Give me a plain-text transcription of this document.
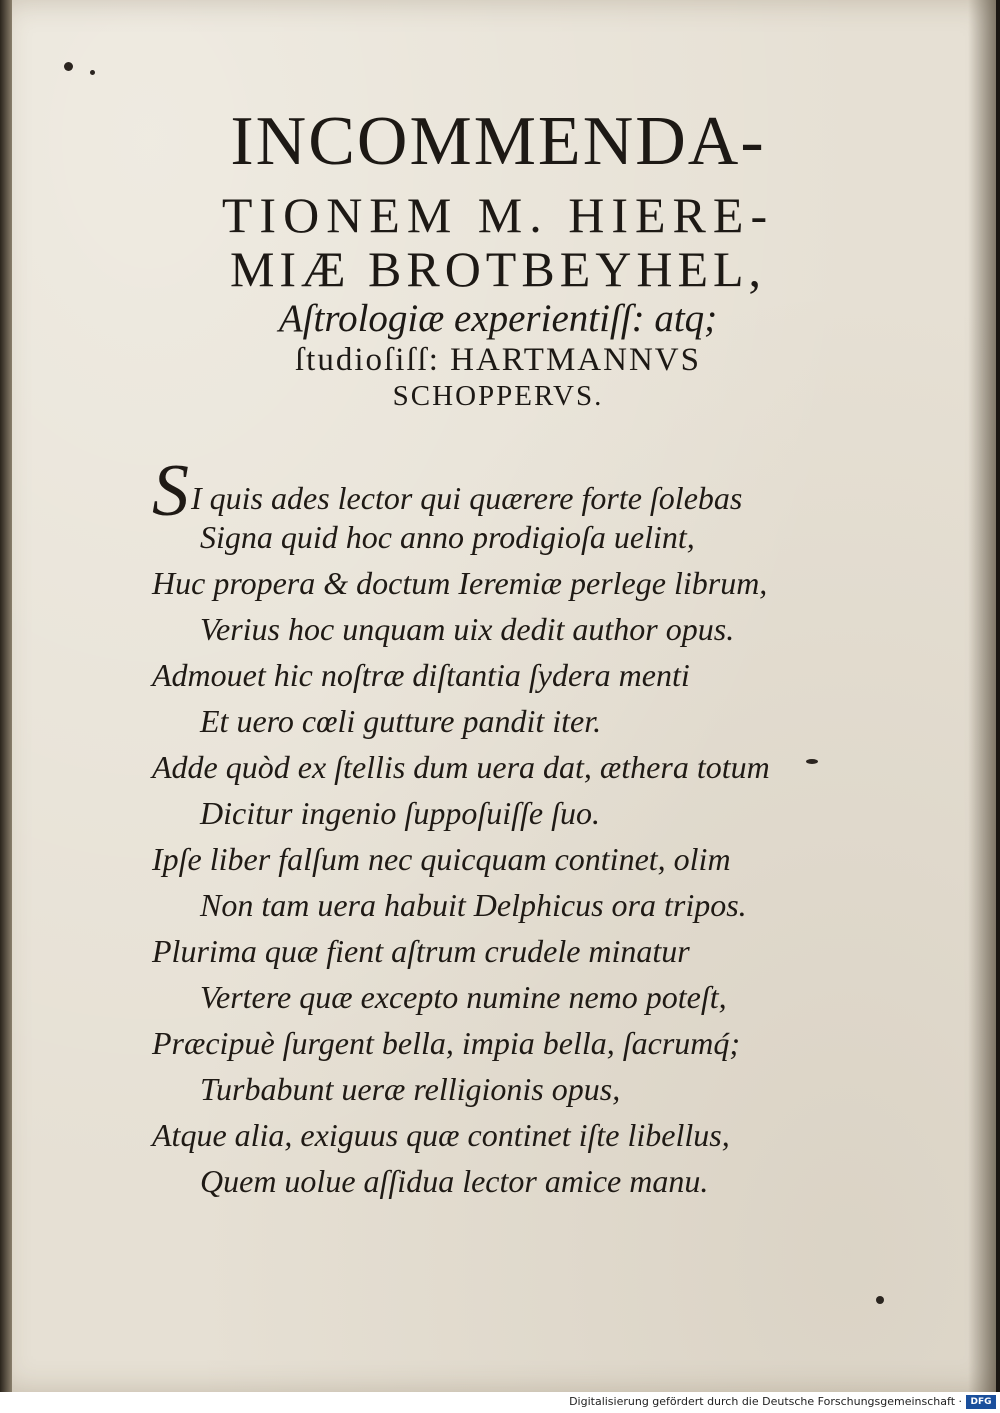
INCOMMENDA-
TIONEM M. HIERE-
MIÆ BROTBEYHEL,
Aſtrologiæ experientiſſ: atq;
ſtudioſiſſ: HARTMANNVS
SCHOPPERVS.
SI quis ades lector qui quærere forte ſolebas
Signa quid hoc anno prodigioſa uelint,
Huc propera & doctum Ieremiæ perlege librum,
Verius hoc unquam uix dedit author opus.
Admouet hic noſtræ diſtantia ſydera menti
Et uero cœli gutture pandit iter.
Adde quòd ex ſtellis dum uera dat, æthera totum
Dicitur ingenio ſuppoſuiſſe ſuo.
Ipſe liber falſum nec quicquam continet, olim
Non tam uera habuit Delphicus ora tripos.
Plurima quæ fient aſtrum crudele minatur
Vertere quæ excepto numine nemo poteſt,
Præcipuè ſurgent bella, impia bella, ſacrumq́;
Turbabunt ueræ relligionis opus,
Atque alia, exiguus quæ continet iſte libellus,
Quem uolue aſſidua lector amice manu.
Digitalisierung gefördert durch die Deutsche Forschungsgemeinschaft · DFG
